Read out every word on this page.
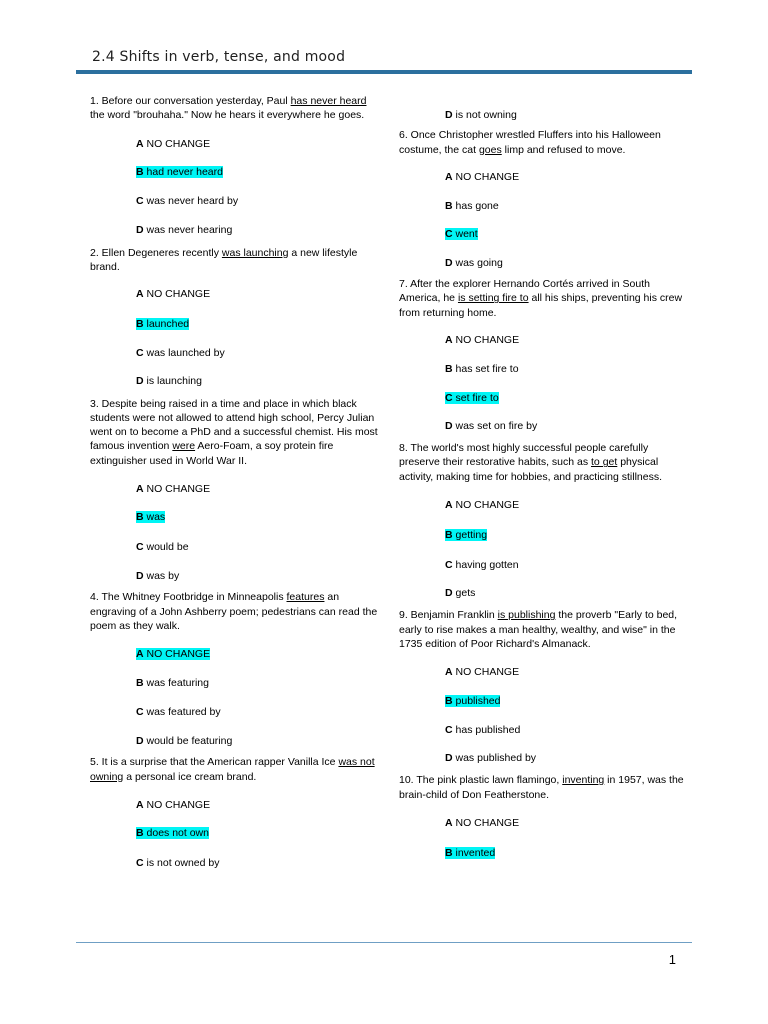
2.4 Shifts in verb, tense, and mood

1. Before our conversation yesterday, Paul has never heard the word "brouhaha." Now he hears it everywhere he goes.

A NO CHANGE

B had never heard

C was never heard by

D was never hearing

2. Ellen Degeneres recently was launching a new lifestyle brand.

A NO CHANGE

B launched

C was launched by

D is launching

3. Despite being raised in a time and place in which black students were not allowed to attend high school, Percy Julian went on to become a PhD and a successful chemist. His most famous invention were Aero-Foam, a soy protein fire extinguisher used in World War II.

A NO CHANGE

B was

C would be

D was by

4. The Whitney Footbridge in Minneapolis features an engraving of a John Ashberry poem; pedestrians can read the poem as they walk.

A NO CHANGE

B was featuring

C was featured by

D would be featuring

5. It is a surprise that the American rapper Vanilla Ice was not owning a personal ice cream brand.

A NO CHANGE

B does not own

C is not owned by

D is not owning

6. Once Christopher wrestled Fluffers into his Halloween costume, the cat goes limp and refused to move.

A NO CHANGE

B has gone

C went

D was going

7. After the explorer Hernando Cortés arrived in South America, he is setting fire to all his ships, preventing his crew from returning home.

A NO CHANGE

B has set fire to

C set fire to

D was set on fire by

8. The world's most highly successful people carefully preserve their restorative habits, such as to get physical activity, making time for hobbies, and practicing stillness.

A NO CHANGE

B getting

C having gotten

D gets

9. Benjamin Franklin is publishing the proverb "Early to bed, early to rise makes a man healthy, wealthy, and wise" in the 1735 edition of Poor Richard's Almanack.

A NO CHANGE

B published

C has published

D was published by

10. The pink plastic lawn flamingo, inventing in 1957, was the brain-child of Don Featherstone.

A NO CHANGE

B invented

1
